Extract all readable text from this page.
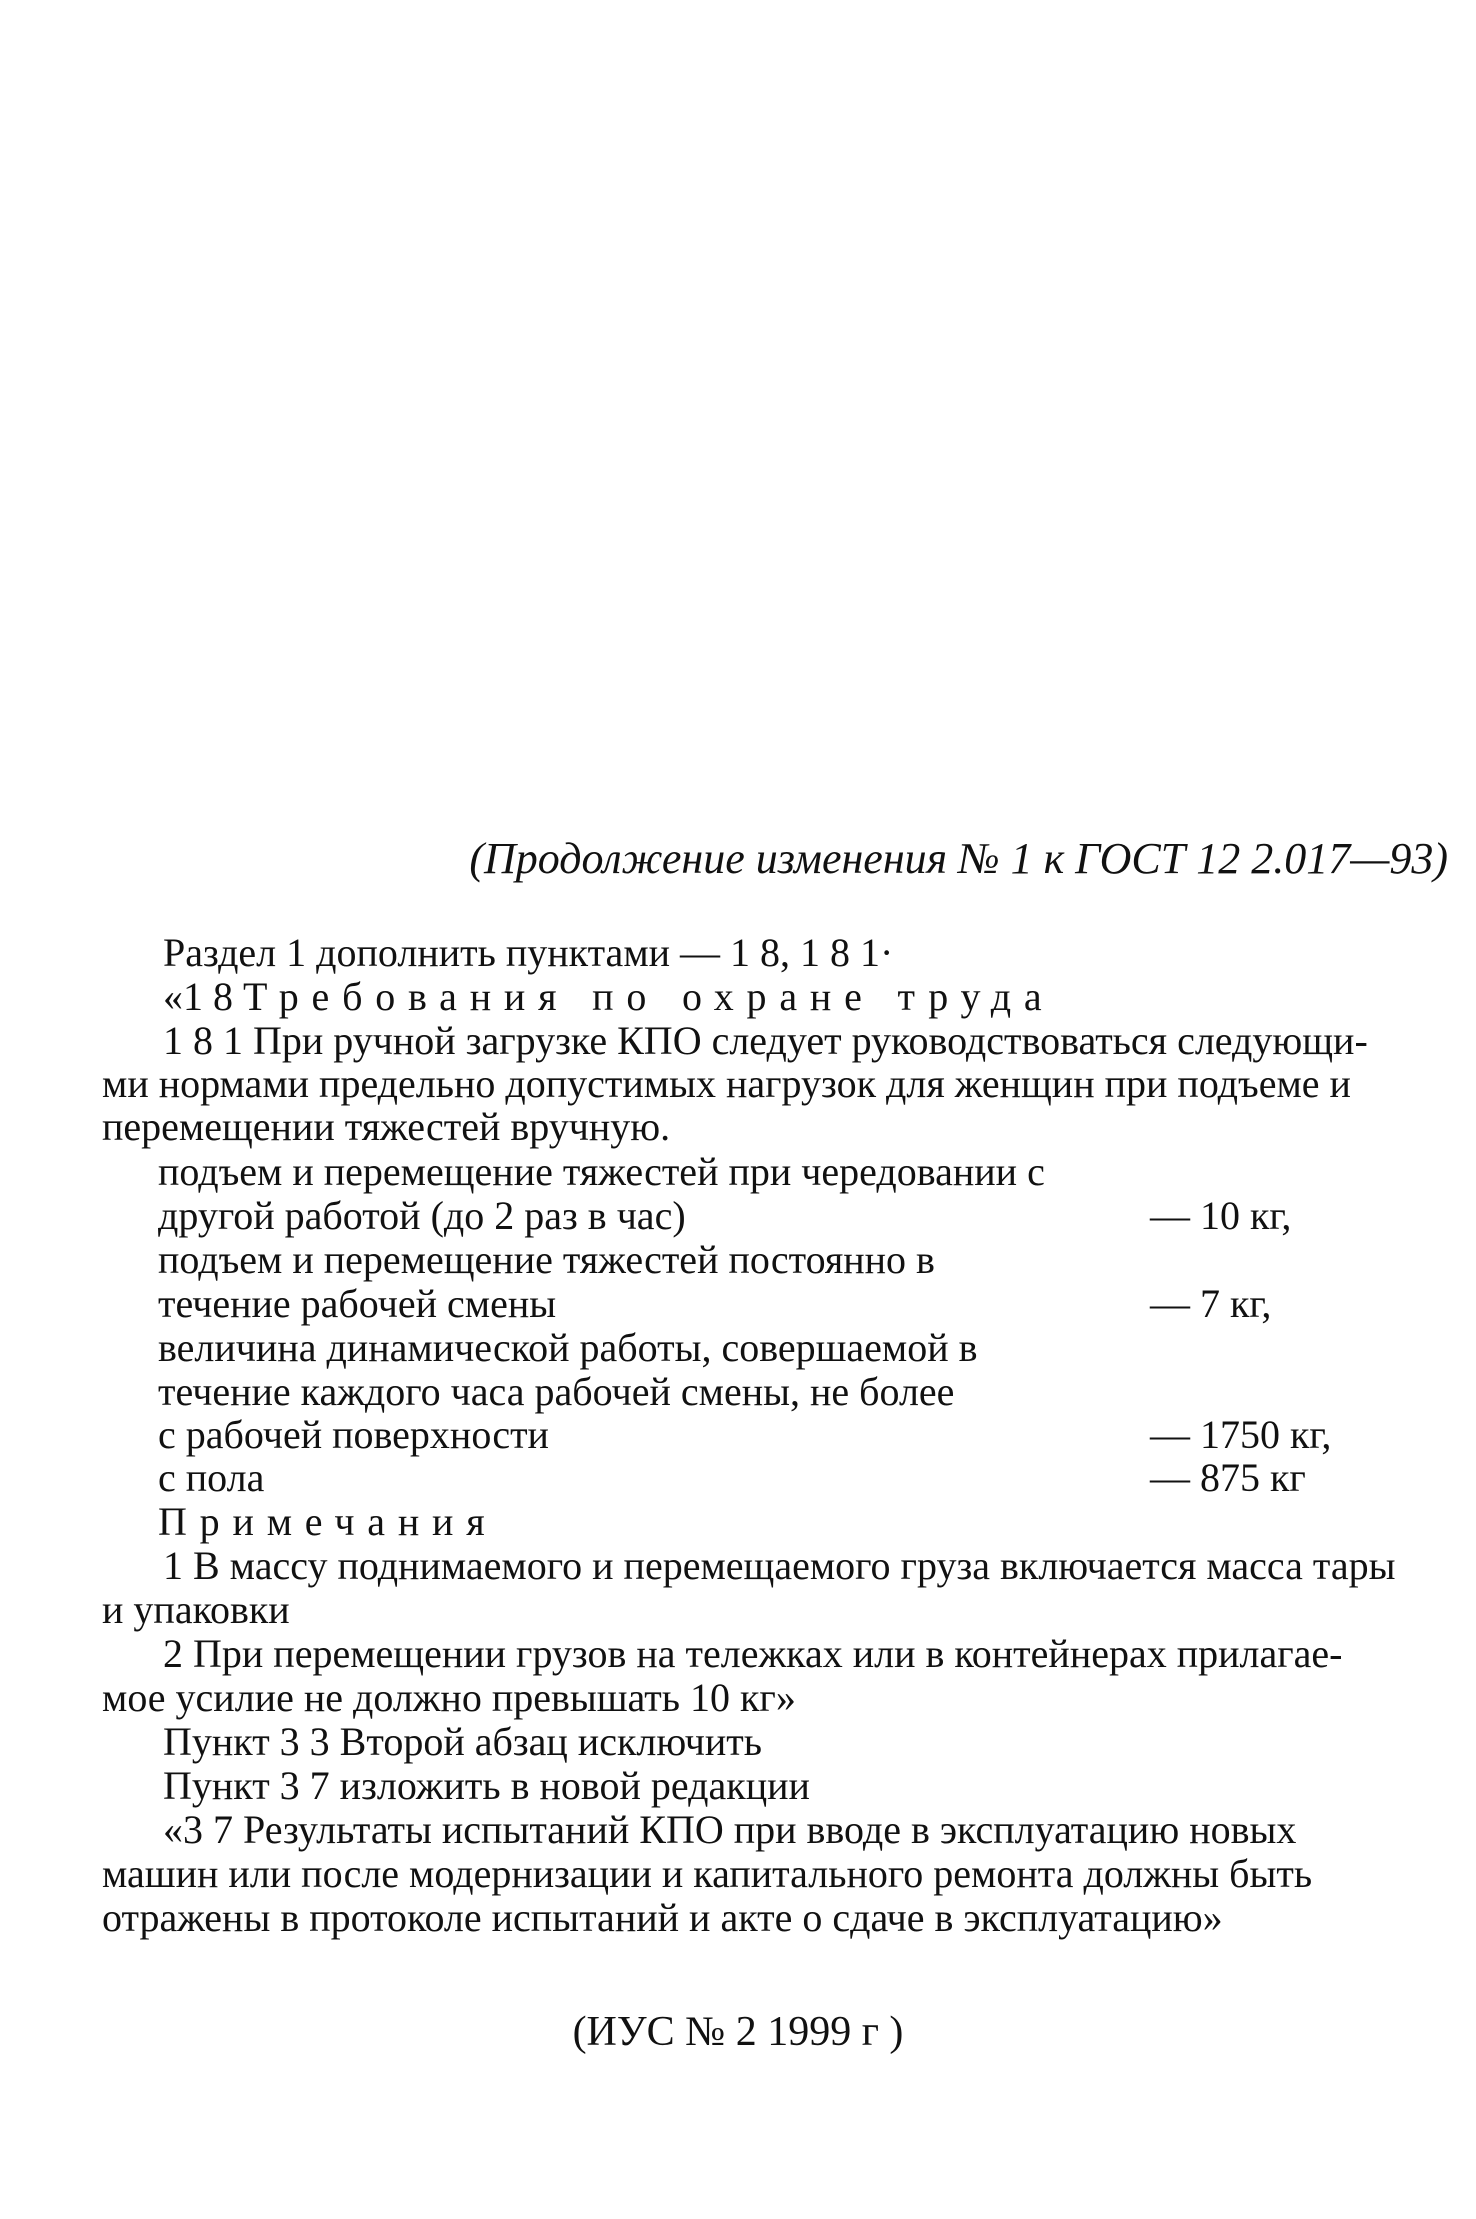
(Продолжение изменения № 1 к ГОСТ 12 2.017—93)
Раздел 1 дополнить пунктами — 1 8, 1 8 1·
«1 8 Требования по охране труда
1 8 1 При ручной загрузке КПО следует руководствоваться следующи-
ми нормами предельно допустимых нагрузок для женщин при подъеме и
перемещении тяжестей вручную.
подъем и перемещение тяжестей при чередовании с
другой работой (до 2 раз в час)	— 10 кг,
подъем и перемещение тяжестей постоянно в
течение рабочей смены	— 7 кг,
величина динамической работы, совершаемой в
течение каждого часа рабочей смены, не более
с рабочей поверхности	— 1750 кг,
с пола	— 875 кг
Примечания
1 В массу поднимаемого и перемещаемого груза включается масса тары
и упаковки
2 При перемещении грузов на тележках или в контейнерах прилагае-
мое усилие не должно превышать 10 кг»
Пункт 3 3 Второй абзац исключить
Пункт 3 7 изложить в новой редакции
«3 7 Результаты испытаний КПО при вводе в эксплуатацию новых
машин или после модернизации и капитального ремонта должны быть
отражены в протоколе испытаний и акте о сдаче в эксплуатацию»
(ИУС № 2 1999 г )
